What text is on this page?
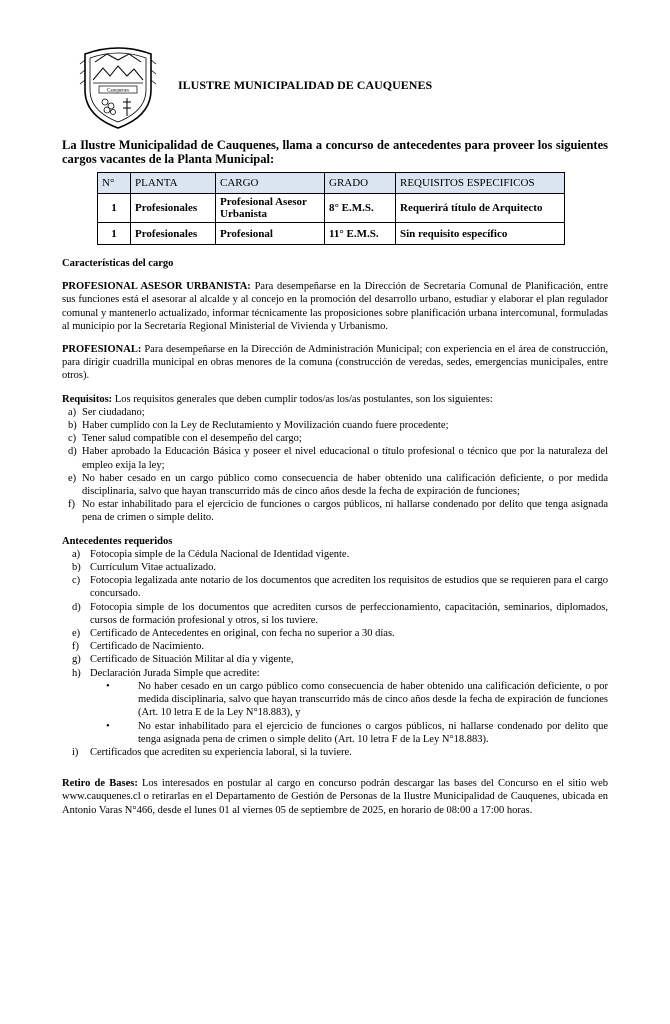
Cauquenes	ILUSTRE MUNICIPALIDAD DE CAUQUENES

La Ilustre Municipalidad de Cauquenes, llama a concurso de antecedentes para proveer los siguientes cargos vacantes de la Planta Municipal:

N°	PLANTA	CARGO	GRADO	REQUISITOS ESPECIFICOS
1	Profesionales	Profesional Asesor Urbanista	8° E.M.S.	Requerirá título de Arquitecto
1	Profesionales	Profesional	11° E.M.S.	Sin requisito específico

Características del cargo

PROFESIONAL ASESOR URBANISTA: Para desempeñarse en la Dirección de Secretaría Comunal de Planificación, entre sus funciones está el asesorar al alcalde y al concejo en la promoción del desarrollo urbano, estudiar y elaborar el plan regulador comunal y mantenerlo actualizado, informar técnicamente las proposiciones sobre planificación urbana intercomunal, formuladas al municipio por la Secretaría Regional Ministerial de Vivienda y Urbanismo.

PROFESIONAL: Para desempeñarse en la Dirección de Administración Municipal; con experiencia en el área de construcción, para dirigir cuadrilla municipal en obras menores de la comuna (construcción de veredas, sedes, emergencias municipales, entre otros).

Requisitos: Los requisitos generales que deben cumplir todos/as los/as postulantes, son los siguientes:

a) Ser ciudadano;
b) Haber cumplido con la Ley de Reclutamiento y Movilización cuando fuere procedente;
c) Tener salud compatible con el desempeño del cargo;
d) Haber aprobado la Educación Básica y poseer el nivel educacional o título profesional o técnico que por la naturaleza del empleo exija la ley;
e) No haber cesado en un cargo público como consecuencia de haber obtenido una calificación deficiente, o por medida disciplinaria, salvo que hayan transcurrido más de cinco años desde la fecha de expiración de funciones;
f) No estar inhabilitado para el ejercicio de funciones o cargos públicos, ni hallarse condenado por delito que tenga asignada pena de crimen o simple delito.

Antecedentes requeridos

a) Fotocopia simple de la Cédula Nacional de Identidad vigente.
b) Currículum Vitae actualizado.
c) Fotocopia legalizada ante notario de los documentos que acrediten los requisitos de estudios que se requieren para el cargo concursado.
d) Fotocopia simple de los documentos que acrediten cursos de perfeccionamiento, capacitación, seminarios, diplomados, cursos de formación profesional y otros, si los tuviere.
e) Certificado de Antecedentes en original, con fecha no superior a 30 días.
f)	Certificado de Nacimiento.
g) Certificado de Situación Militar al día y vigente,
h) Declaración Jurada Simple que acredite:
•	No haber cesado en un cargo público como consecuencia de haber obtenido una calificación deficiente, o por medida disciplinaria, salvo que hayan transcurrido más de cinco años desde la fecha de expiración de funciones (Art. 10 letra E de la Ley N°18.883), y
•	No estar inhabilitado para el ejercicio de funciones o cargos públicos, ni hallarse condenado por delito que tenga asignada pena de crimen o simple delito (Art. 10 letra F de la Ley N°18.883).
i)	Certificados que acrediten su experiencia laboral, si la tuviere.

Retiro de Bases: Los interesados en postular al cargo en concurso podrán descargar las bases del Concurso en el sitio web www.cauquenes.cl o retirarlas en el Departamento de Gestión de Personas de la Ilustre Municipalidad de Cauquenes, ubicada en Antonio Varas N°466, desde el lunes 01 al viernes 05 de septiembre de 2025, en horario de 08:00 a 17:00 horas.
